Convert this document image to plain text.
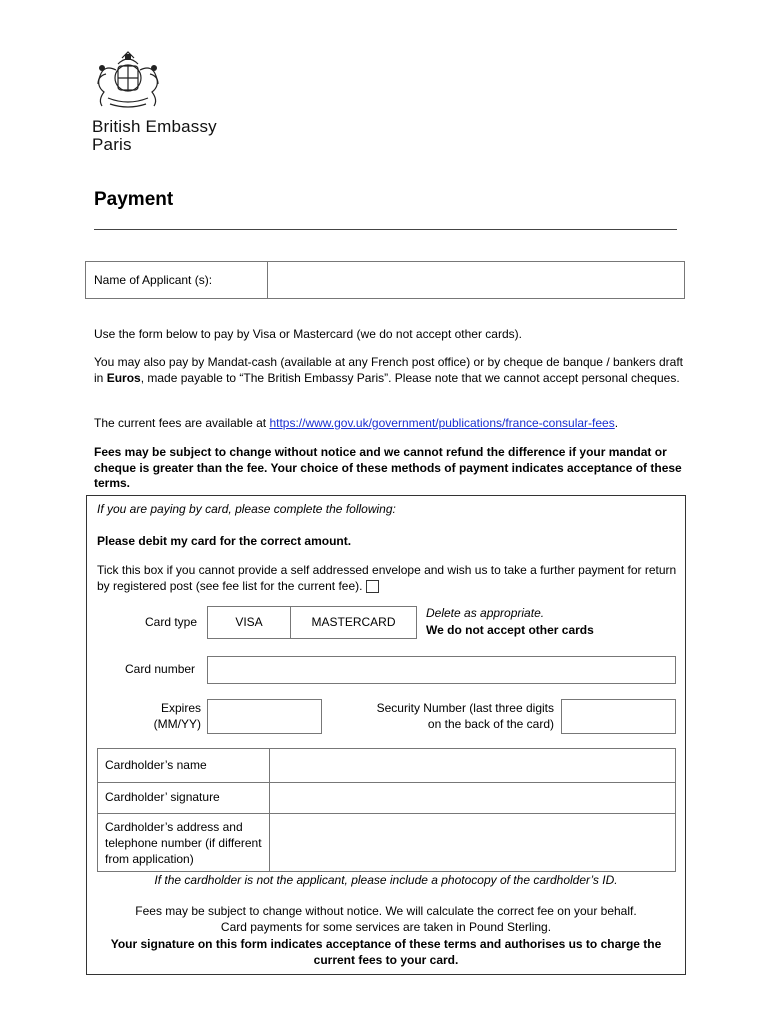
British Embassy
Paris
Payment
Name of Applicant (s):
Use the form below to pay by Visa or Mastercard (we do not accept other cards).
You may also pay by Mandat-cash (available at any French post office) or by cheque de banque / bankers draft in Euros, made payable to “The British Embassy Paris”. Please note that we cannot accept personal cheques.
The current fees are available at https://www.gov.uk/government/publications/france-consular-fees.
Fees may be subject to change without notice and we cannot refund the difference if your mandat or cheque is greater than the fee. Your choice of these methods of payment indicates acceptance of these terms.
If you are paying by card, please complete the following:
Please debit my card for the correct amount.
Tick this box if you cannot provide a self addressed envelope and wish us to take a further payment for return by registered post (see fee list for the current fee).
Card type	VISA	MASTERCARD
Delete as appropriate.
We do not accept other cards
Card number
Expires
(MM/YY)
Security Number (last three digits
on the back of the card)
Cardholder’s name
Cardholder’ signature
Cardholder’s address and telephone number (if different from application)
If the cardholder is not the applicant, please include a photocopy of the cardholder’s ID.
Fees may be subject to change without notice. We will calculate the correct fee on your behalf.
Card payments for some services are taken in Pound Sterling.
Your signature on this form indicates acceptance of these terms and authorises us to charge the current fees to your card.
